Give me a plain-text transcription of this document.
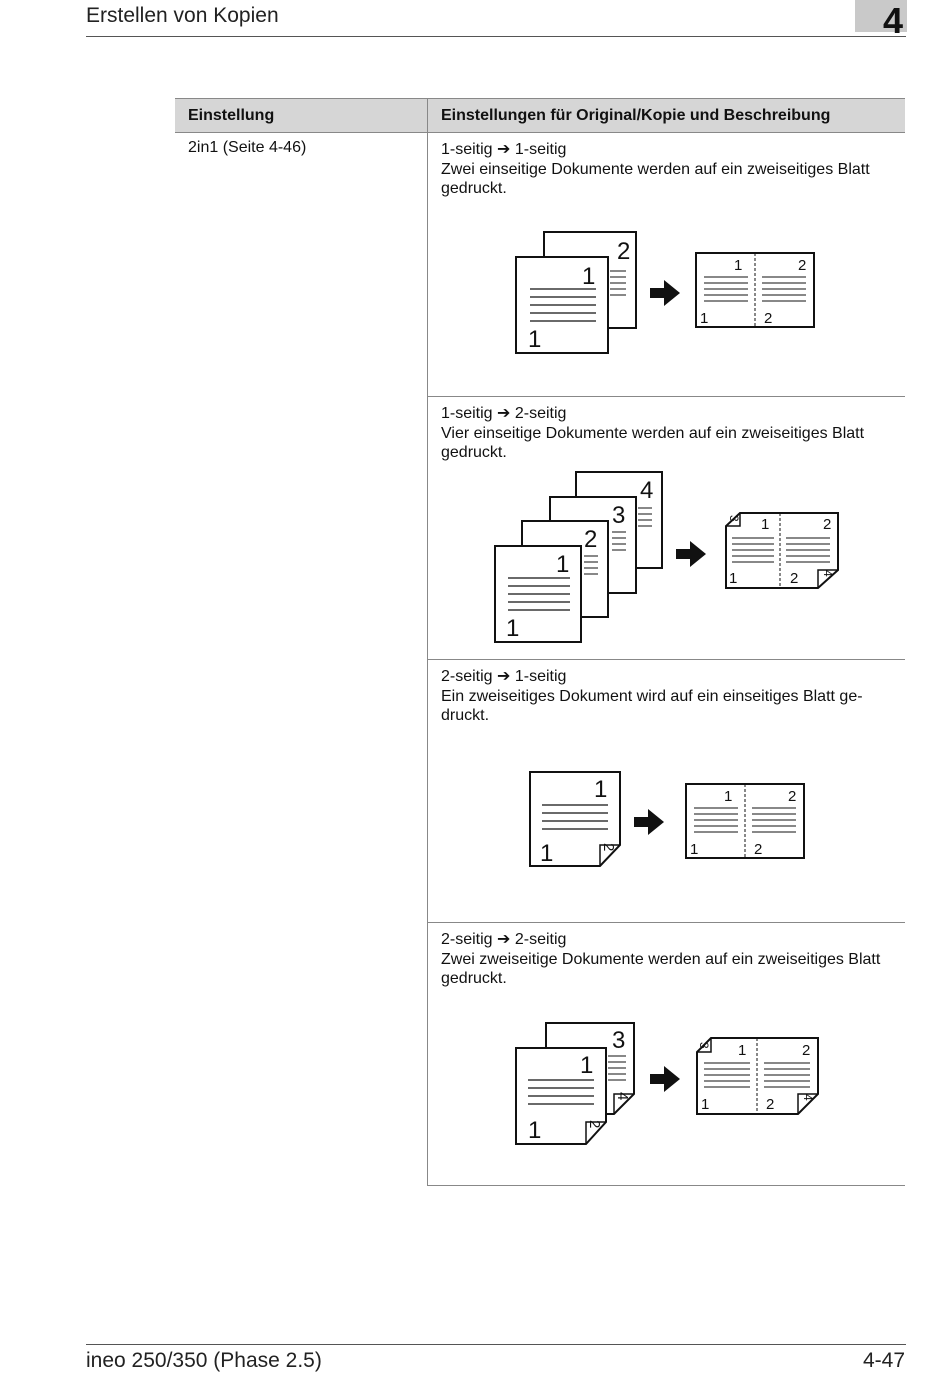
Erstellen von Kopien	4
Einstellung	Einstellungen für Original/Kopie und Beschreibung
2in1 (Seite 4-46)	1-seitig ➔ 1-seitig
Zwei einseitige Dokumente werden auf ein zweiseitiges Blatt
gedruckt.
2
1
1
1	2
1	2
1-seitig ➔ 2-seitig
Vier einseitige Dokumente werden auf ein zweiseitiges Blatt
gedruckt.
4
3
2
1
1
1	2
1	2
3
4
2-seitig ➔ 1-seitig
Ein zweiseitiges Dokument wird auf ein einseitiges Blatt ge-
druckt.
1
1	2
1	2
1	2
2-seitig ➔ 2-seitig
Zwei zweiseitige Dokumente werden auf ein zweiseitiges Blatt
gedruckt.
3
4
1
1	2
1	2
1	2
3
4
ineo 250/350 (Phase 2.5)	4-47
